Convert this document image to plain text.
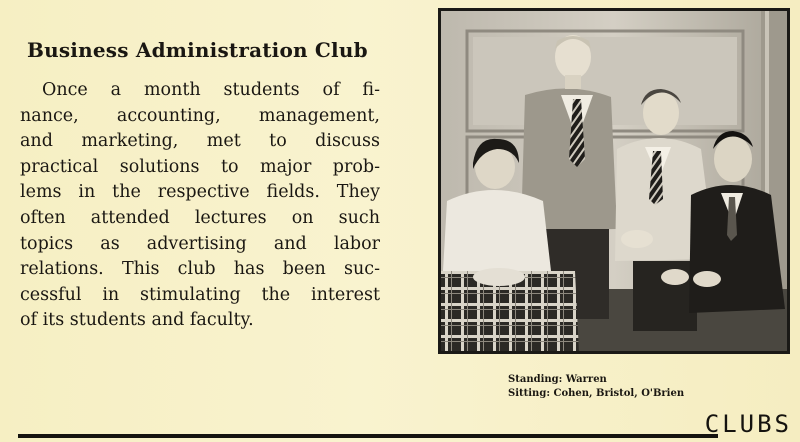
Business Administration Club
Once a month students of fi-
nance, accounting, management,
and marketing, met to discuss
practical solutions to major prob-
lems in the respective fields. They
often attended lectures on such
topics as advertising and labor
relations. This club has been suc-
cessful in stimulating the interest
of its students and faculty.
Standing: Warren
Sitting: Cohen, Bristol, O'Brien
CLUBS
